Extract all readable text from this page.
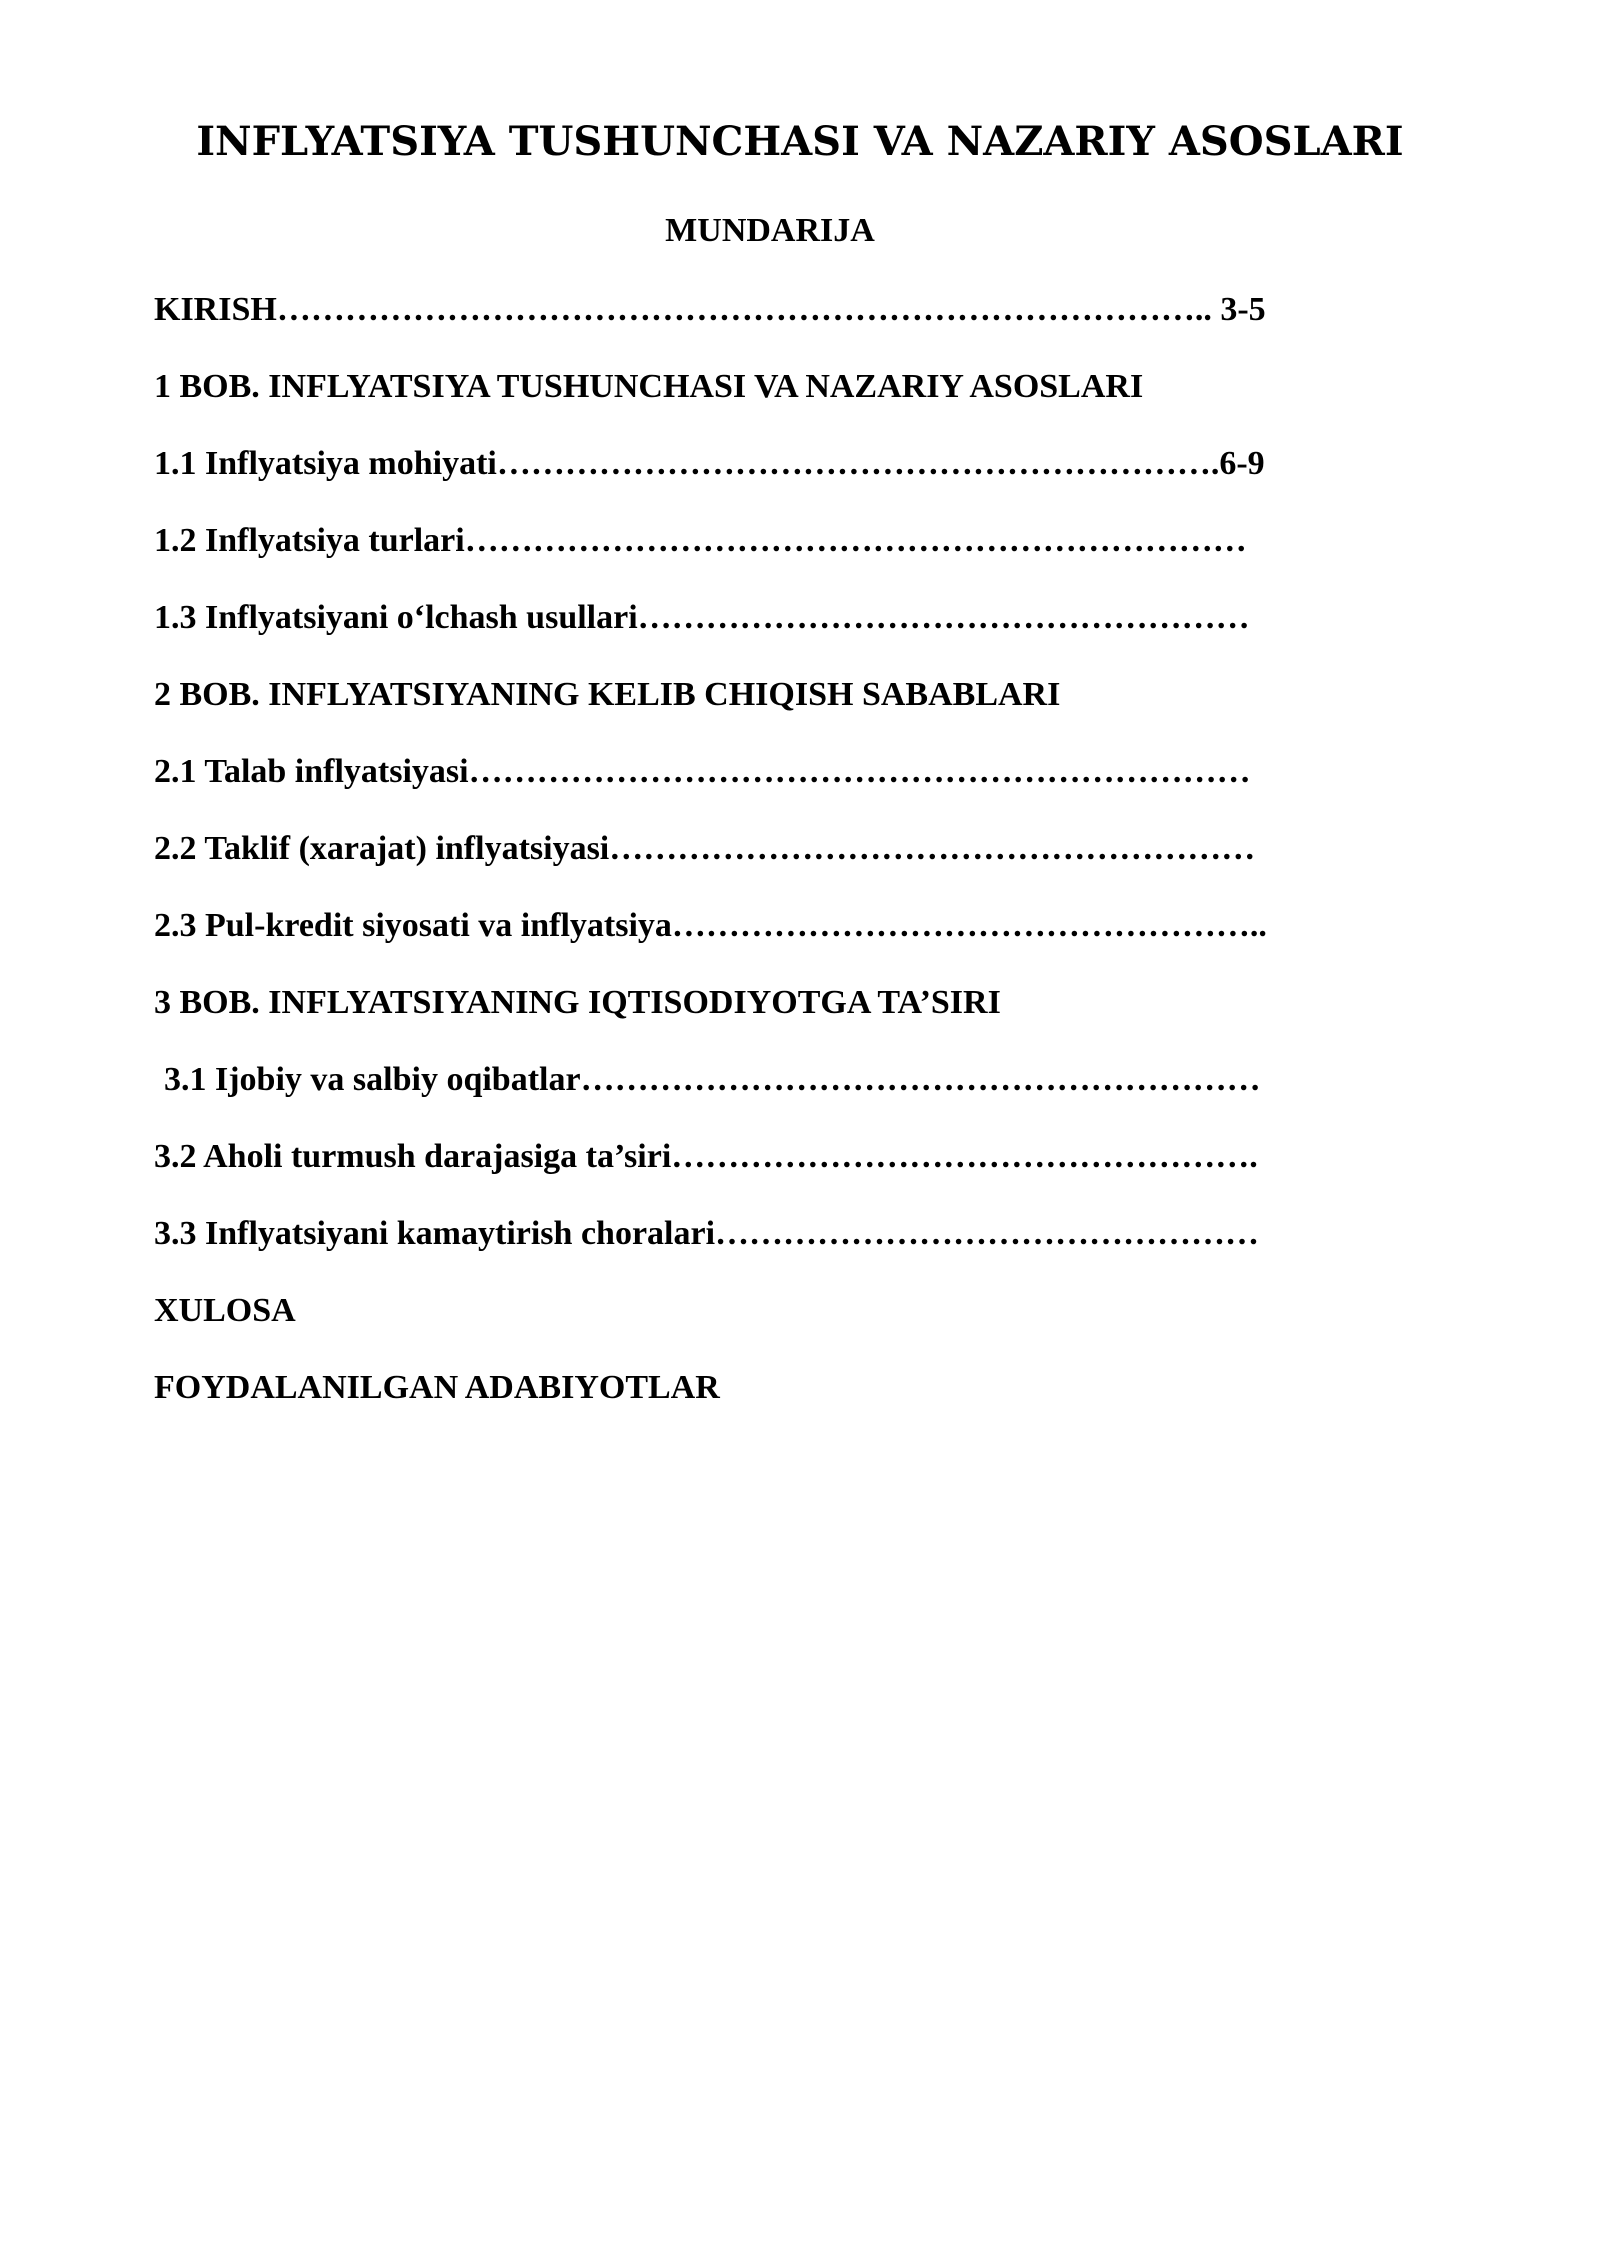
INFLYATSIYA TUSHUNCHASI VA NAZARIY ASOSLARI
MUNDARIJA
KIRISH……………………………………………………………………….. 3-5
1 BOB. INFLYATSIYA TUSHUNCHASI VA NAZARIY ASOSLARI
1.1 Inflyatsiya mohiyati……………………………………………………….6-9
1.2 Inflyatsiya turlari……………………………………………………………
1.3 Inflyatsiyani o‘lchash usullari………………………………………………
2 BOB. INFLYATSIYANING KELIB CHIQISH SABABLARI
2.1 Talab inflyatsiyasi……………………………………………………………
2.2 Taklif (xarajat) inflyatsiyasi…………………………………………………
2.3 Pul-kredit siyosati va inflyatsiya……………………………………………..
3 BOB. INFLYATSIYANING IQTISODIYOTGA TA’SIRI
3.1 Ijobiy va salbiy oqibatlar……………………………………………………
3.2 Aholi turmush darajasiga ta’siri…………………………………………….
3.3 Inflyatsiyani kamaytirish choralari…………………………………………
XULOSA
FOYDALANILGAN ADABIYOTLAR
